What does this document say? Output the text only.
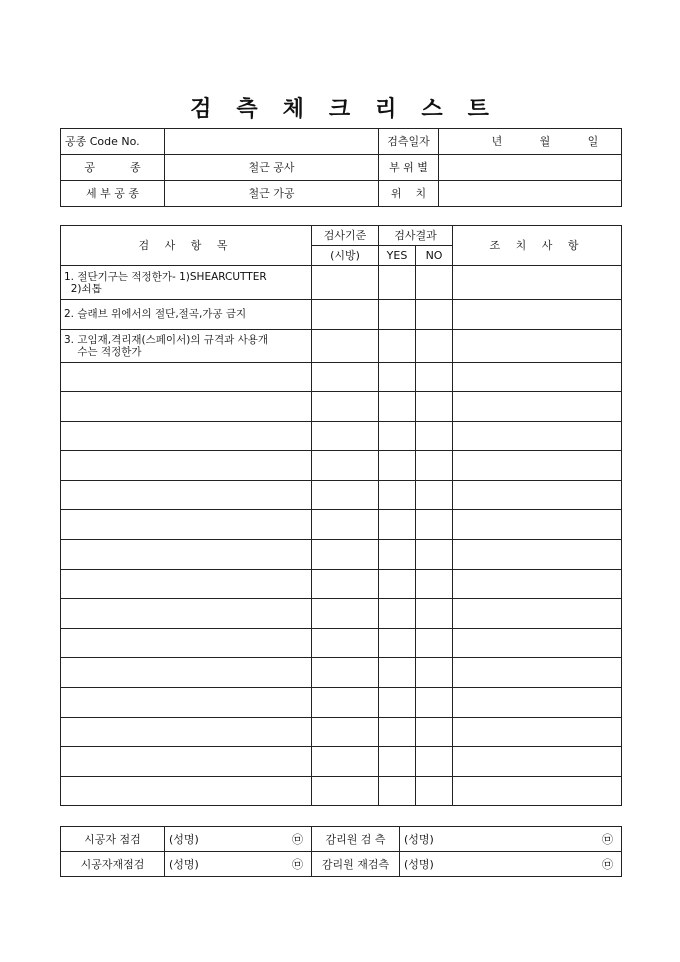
검 측 체 크 리 스 트
공종 Code No.		검측일자	년 월 일

공          종	철근 공사	부 위 별	
세 부 공 종	철근 가공	위    치	
검 사 항 목	검사기준	검사결과		조 치 사 항
	(시방)	YES	NO	
1. 절단기구는 적정한가- 1)SHEARCUTTER
2)쇠톱				
2. 슬래브 위에서의 절단,절곡,가공 금지				
3. 고임재,격리재(스페이서)의 규격과 사용개
수는 적정한가				

시공자 점검	(성명) ㉤	감리원 검 측	(성명) ㉤

시공자재점검	(성명) ㉤	감리원 재검측	(성명) ㉤
